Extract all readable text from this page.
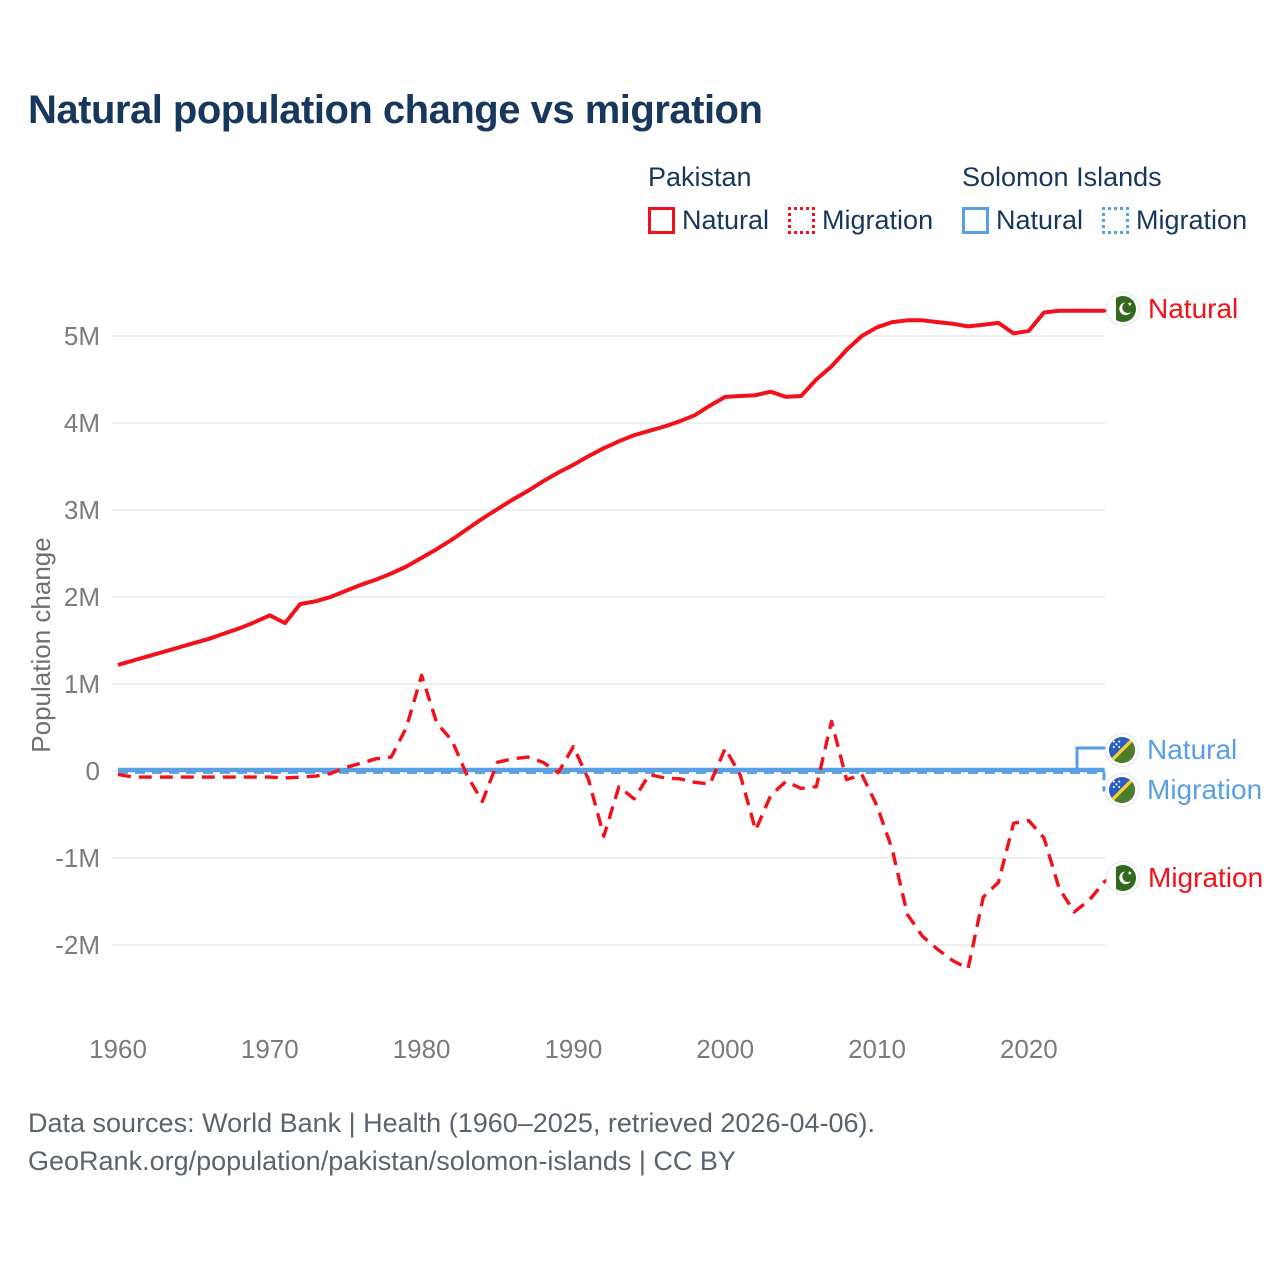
Natural population change vs migration
Pakistan
Natural Migration
Solomon Islands
Natural Migration
5M
4M
3M
2M
1M
0
-1M
-2M
1960	1970	1980	1990	2000	2010	2020
Population change
Natural
Natural
Migration
Migration
Data sources: World Bank | Health (1960–2025, retrieved 2026-04-06).
GeoRank.org/population/pakistan/solomon-islands | CC BY
